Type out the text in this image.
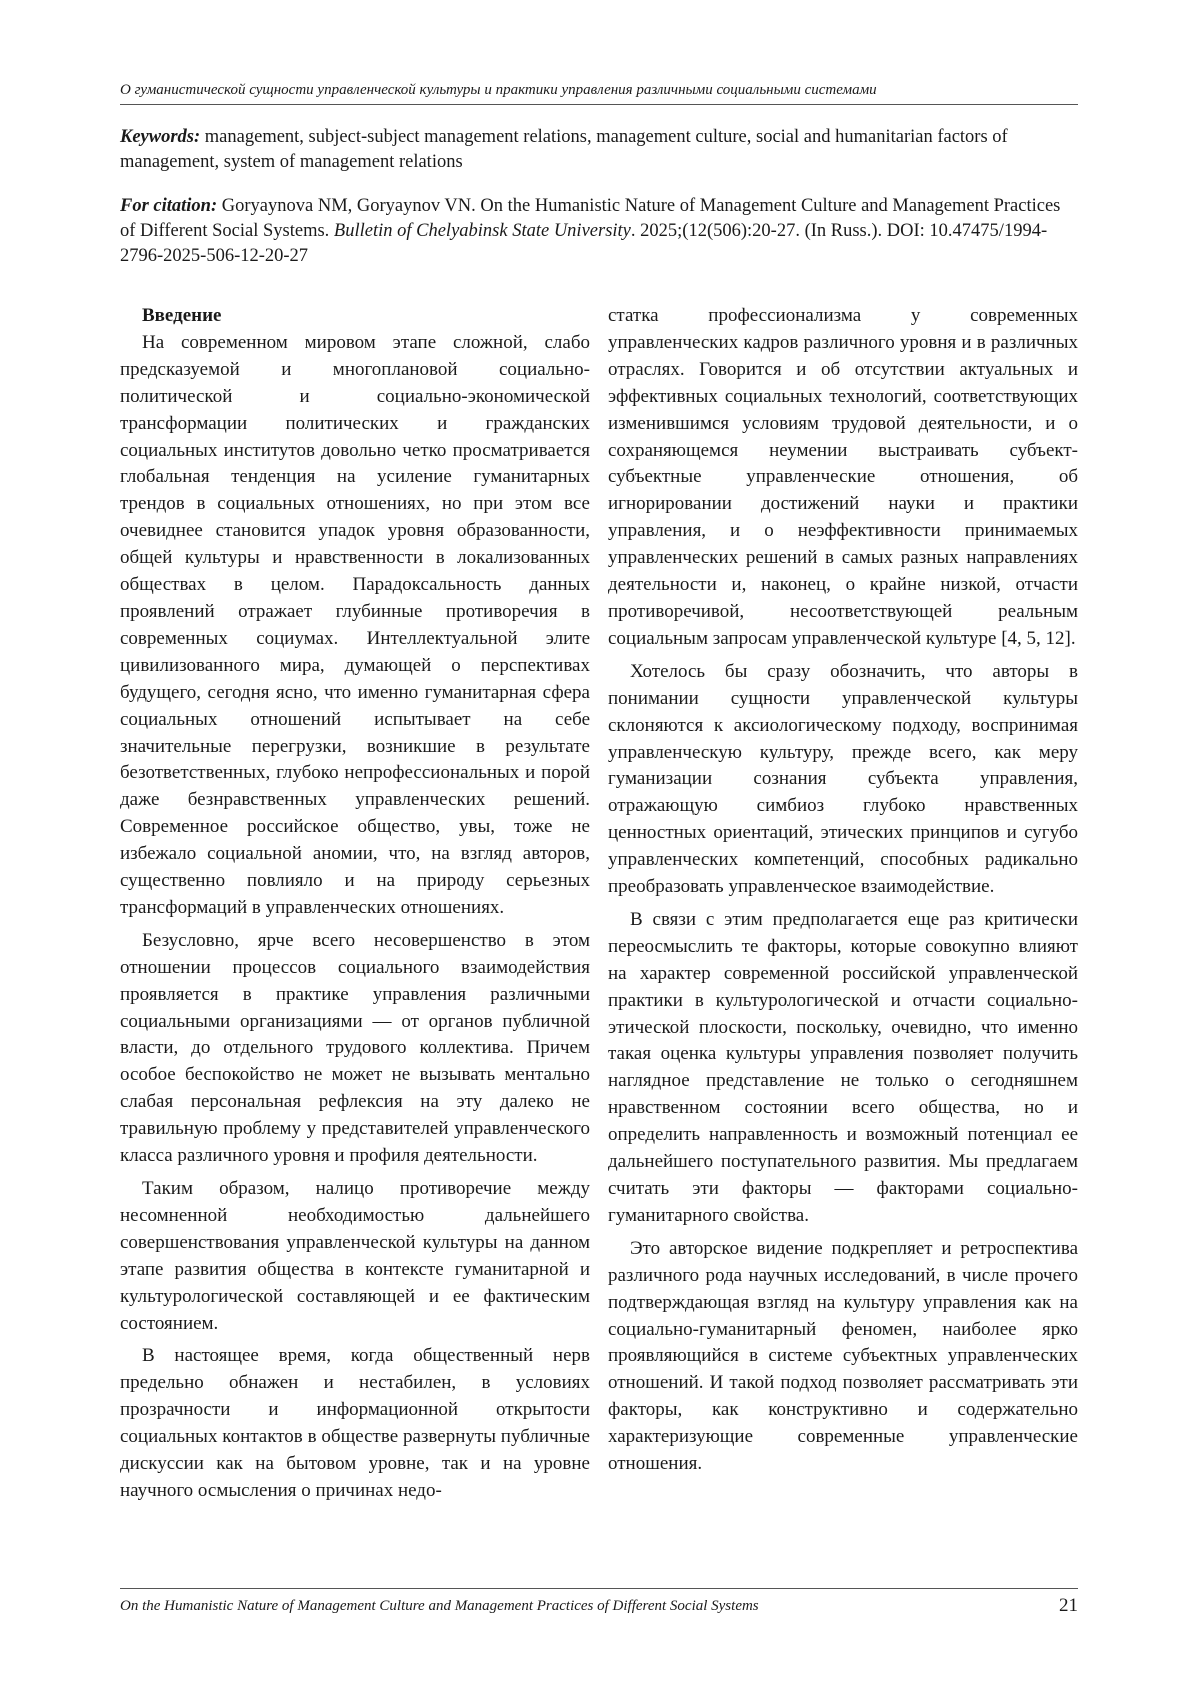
О гуманистической сущности управленческой культуры и практики управления различными социальными системами
Keywords: management, subject-subject management relations, management culture, social and humanitarian factors of management, system of management relations
For citation: Goryaynova NM, Goryaynov VN. On the Humanistic Nature of Management Culture and Management Practices of Different Social Systems. Bulletin of Chelyabinsk State University. 2025;(12(506):20-27. (In Russ.). DOI: 10.47475/1994-2796-2025-506-12-20-27
Введение

На современном мировом этапе сложной, слабо предсказуемой и многоплановой социально-политической и социально-экономической трансформации политических и гражданских социальных институтов довольно четко просматривается глобальная тенденция на усиление гуманитарных трендов в социальных отношениях, но при этом все очевиднее становится упадок уровня образованности, общей культуры и нравственности в локализованных обществах в целом. Парадоксальность данных проявлений отражает глубинные противоречия в современных социумах. Интеллектуальной элите цивилизованного мира, думающей о перспективах будущего, сегодня ясно, что именно гуманитарная сфера социальных отношений испытывает на себе значительные перегрузки, возникшие в результате безответственных, глубоко непрофессиональных и порой даже безнравственных управленческих решений. Современное российское общество, увы, тоже не избежало социальной аномии, что, на взгляд авторов, существенно повлияло и на природу серьезных трансформаций в управленческих отношениях.

Безусловно, ярче всего несовершенство в этом отношении процессов социального взаимодействия проявляется в практике управления различными социальными организациями — от органов публичной власти, до отдельного трудового коллектива. Причем особое беспокойство не может не вызывать ментально слабая персональная рефлексия на эту далеко не травильную проблему у представителей управленческого класса различного уровня и профиля деятельности.

Таким образом, налицо противоречие между несомненной необходимостью дальнейшего совершенствования управленческой культуры на данном этапе развития общества в контексте гуманитарной и культурологической составляющей и ее фактическим состоянием.

В настоящее время, когда общественный нерв предельно обнажен и нестабилен, в условиях прозрачности и информационной открытости социальных контактов в обществе развернуты публичные дискуссии как на бытовом уровне, так и на уровне научного осмысления о причинах недо-

статка профессионализма у современных управленческих кадров различного уровня и в различных отраслях. Говорится и об отсутствии актуальных и эффективных социальных технологий, соответствующих изменившимся условиям трудовой деятельности, и о сохраняющемся неумении выстраивать субъект-субъектные управленческие отношения, об игнорировании достижений науки и практики управления, и о неэффективности принимаемых управленческих решений в самых разных направлениях деятельности и, наконец, о крайне низкой, отчасти противоречивой, несоответствующей реальным социальным запросам управленческой культуре [4, 5, 12].

Хотелось бы сразу обозначить, что авторы в понимании сущности управленческой культуры склоняются к аксиологическому подходу, воспринимая управленческую культуру, прежде всего, как меру гуманизации сознания субъекта управления, отражающую симбиоз глубоко нравственных ценностных ориентаций, этических принципов и сугубо управленческих компетенций, способных радикально преобразовать управленческое взаимодействие.

В связи с этим предполагается еще раз критически переосмыслить те факторы, которые совокупно влияют на характер современной российской управленческой практики в культурологической и отчасти социально-этической плоскости, поскольку, очевидно, что именно такая оценка культуры управления позволяет получить наглядное представление не только о сегодняшнем нравственном состоянии всего общества, но и определить направленность и возможный потенциал ее дальнейшего поступательного развития. Мы предлагаем считать эти факторы — факторами социально-гуманитарного свойства.

Это авторское видение подкрепляет и ретроспектива различного рода научных исследований, в числе прочего подтверждающая взгляд на культуру управления как на социально-гуманитарный феномен, наиболее ярко проявляющийся в системе субъектных управленческих отношений. И такой подход позволяет рассматривать эти факторы, как конструктивно и содержательно характеризующие современные управленческие отношения.

On the Humanistic Nature of Management Culture and Management Practices of Different Social Systems	21
